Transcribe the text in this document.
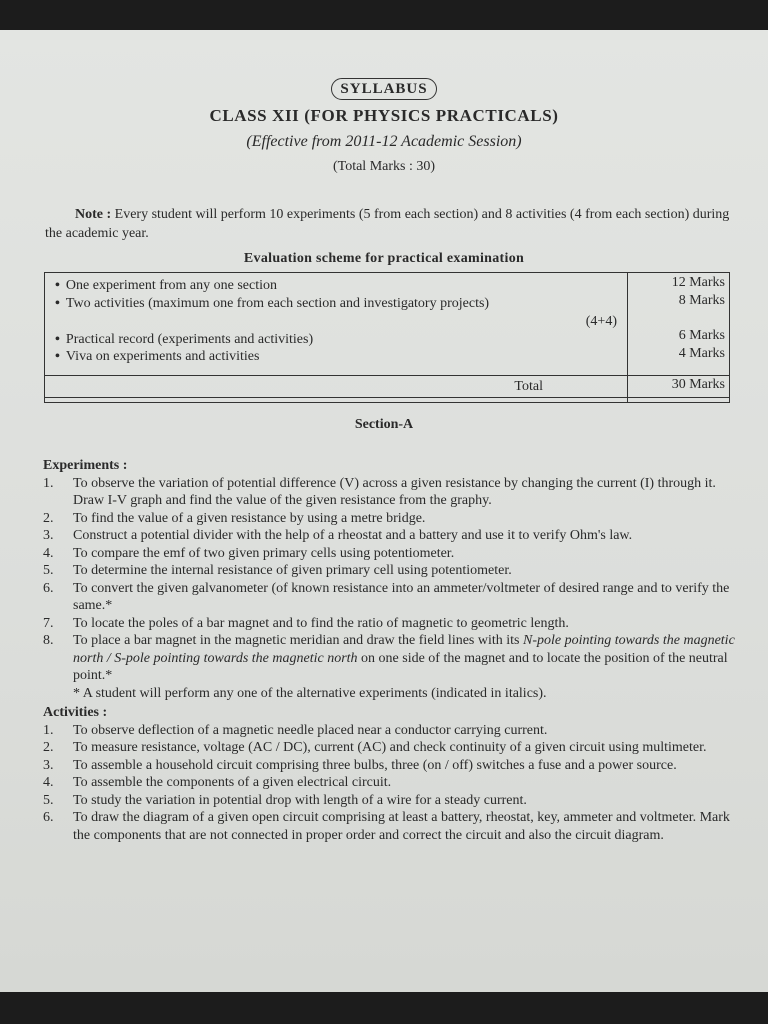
SYLLABUS
CLASS XII (FOR PHYSICS PRACTICALS)
(Effective from 2011-12 Academic Session)
(Total Marks : 30)
Note : Every student will perform 10 experiments (5 from each section) and 8 activities (4 from each section) during the academic year.
Evaluation scheme for practical examination
• One experiment from any one section	12 Marks
• Two activities (maximum one from each section and investigatory projects)	8 Marks
(4+4)
• Practical record (experiments and activities)	6 Marks
• Viva on experiments and activities	4 Marks
Total	30 Marks
Section-A
Experiments :
1. To observe the variation of potential difference (V) across a given resistance by changing the current (I) through it. Draw I-V graph and find the value of the given resistance from the graphy.
2. To find the value of a given resistance by using a metre bridge.
3. Construct a potential divider with the help of a rheostat and a battery and use it to verify Ohm's law.
4. To compare the emf of two given primary cells using potentiometer.
5. To determine the internal resistance of given primary cell using potentiometer.
6. To convert the given galvanometer (of known resistance into an ammeter/voltmeter of desired range and to verify the same.*
7. To locate the poles of a bar magnet and to find the ratio of magnetic to geometric length.
8. To place a bar magnet in the magnetic meridian and draw the field lines with its N-pole pointing towards the magnetic north / S-pole pointing towards the magnetic north on one side of the magnet and to locate the position of the neutral point.*
* A student will perform any one of the alternative experiments (indicated in italics).
Activities :
1. To observe deflection of a magnetic needle placed near a conductor carrying current.
2. To measure resistance, voltage (AC / DC), current (AC) and check continuity of a given circuit using multimeter.
3. To assemble a household circuit comprising three bulbs, three (on / off) switches a fuse and a power source.
4. To assemble the components of a given electrical circuit.
5. To study the variation in potential drop with length of a wire for a steady current.
6. To draw the diagram of a given open circuit comprising at least a battery, rheostat, key, ammeter and voltmeter. Mark the components that are not connected in proper order and correct the circuit and also the circuit diagram.
